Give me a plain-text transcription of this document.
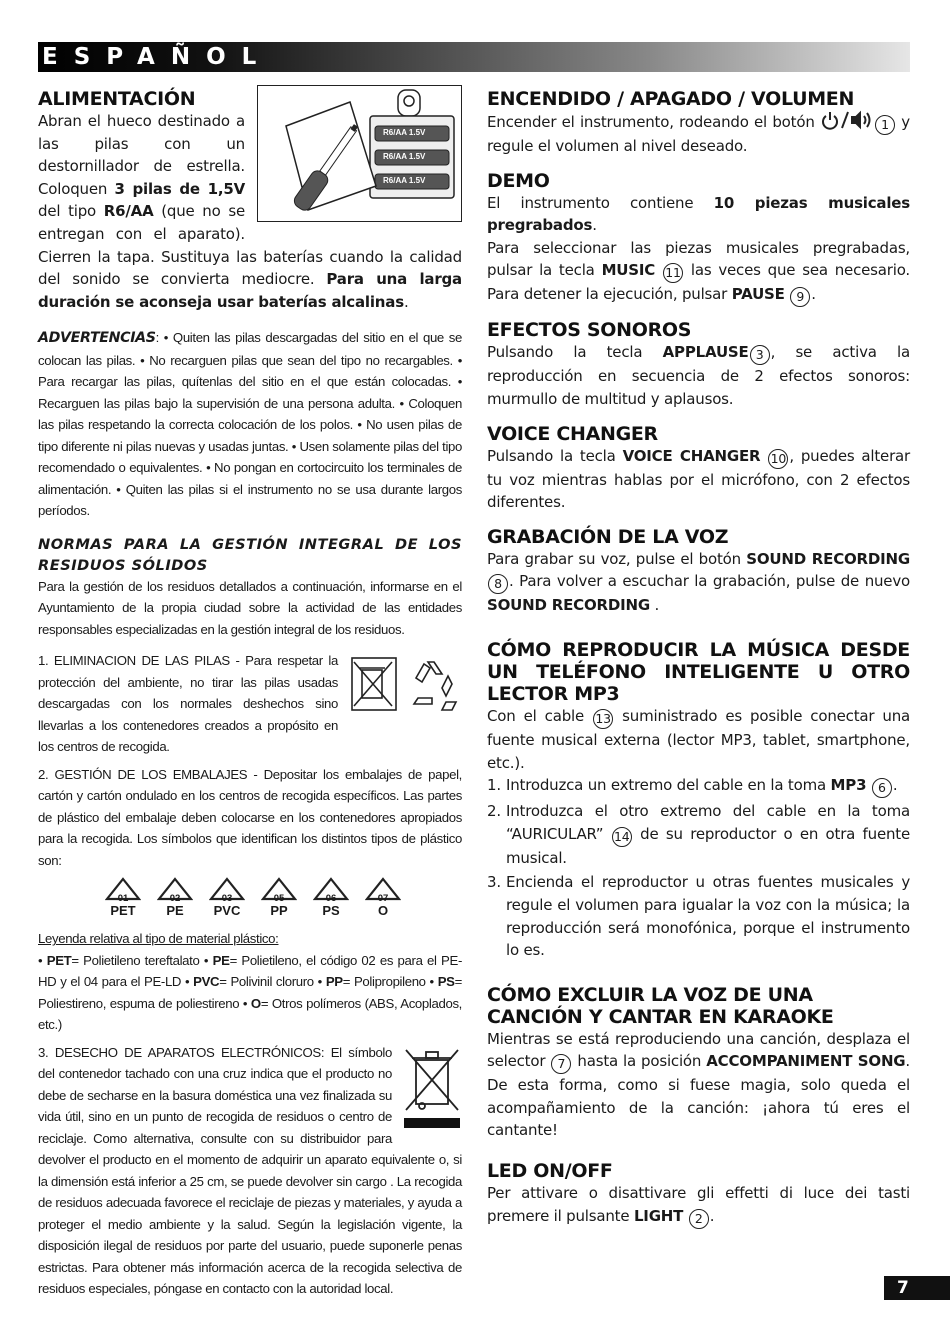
ESPAÑOL
R6/AA 1.5V
R6/AA 1.5V
R6/AA 1.5V
ALIMENTACIÓN

Abran el hueco destinado a las pilas con un destornillador de estrella. Coloquen 3 pilas de 1,5V del tipo R6/AA (que no se entregan con el aparato). Cierren la tapa. Sustituya las baterías cuando la calidad del sonido se convierta mediocre. Para una larga duración se aconseja usar baterías alcalinas.

ADVERTENCIAS: • Quiten las pilas descargadas del sitio en el que se colocan las pilas. • No recarguen pilas que sean del tipo no recargables. • Para recargar las pilas, quítenlas del sitio en el que están colocadas. • Recarguen las pilas bajo la supervisión de una persona adulta. • Coloquen las pilas respetando la correcta colocación de los polos. • No usen pilas de tipo diferente ni pilas nuevas y usadas juntas. • Usen solamente pilas del tipo recomendado o equivalentes. • No pongan en cortocircuito los terminales de alimentación. • Quiten las pilas si el instrumento no se usa durante largos períodos.

NORMAS PARA LA GESTIÓN INTEGRAL DE LOS RESIDUOS SÓLIDOS

Para la gestión de los residuos detallados a continuación, informarse en el Ayuntamiento de la propia ciudad sobre la actividad de las entidades responsables especializadas en la gestión integral de los residuos.

1. ELIMINACION DE LAS PILAS - Para respetar la protección del ambiente, no tirar las pilas usadas descargadas con los normales deshechos sino llevarlas a los contenedores creados a propósito en los centros de recogida.

2. GESTIÓN DE LOS EMBALAJES - Depositar los embalajes de papel, cartón y cartón ondulado en los centros de recogida específicos. Las partes de plástico del embalaje deben colocarse en los contenedores apropiados para la recogida. Los símbolos que identifican los distintos tipos de plástico son:

01
PET
02
PE
03
PVC
05
PP
06
PS
07
O

Leyenda relativa al tipo de material plástico:

• PET= Polietileno tereftalato • PE= Polietileno, el código 02 es para el PE-HD y el 04 para el PE-LD • PVC= Polivinil cloruro • PP= Polipropileno • PS= Poliestireno, espuma de poliestireno • O= Otros polímeros (ABS, Acoplados, etc.)

3. DESECHO DE APARATOS ELECTRÓNICOS: El símbolo del contenedor tachado con una cruz indica que el producto no debe de secharse en la basura doméstica una vez finalizada su vida útil, sino en un punto de recogida de residuos o centro de reciclaje. Como alternativa, consulte con su distribuidor para devolver el producto en el momento de adquirir un aparato equivalente o, si la dimensión está inferior a 25 cm, se puede devolver sin cargo . La recogida de residuos adecuada favorece el reciclaje de piezas y materiales, y ayuda a proteger el medio ambiente y la salud. Según la legislación vigente, la disposición ilegal de residuos por parte del usuario, puede suponerle penas estrictas. Para obtener más información acerca de la recogida selectiva de residuos especiales, póngase en contacto con la autoridad local.

ENCENDIDO / APAGADO / VOLUMEN

Encender el instrumento, rodeando el botón	1 y regule el volumen al nivel deseado.

DEMO

El instrumento contiene 10 piezas musicales pregrabados.

Para seleccionar las piezas musicales pregrabadas, pulsar la tecla MUSIC 11 las veces que sea necesario. Para detener la ejecución, pulsar PAUSE 9 .

EFECTOS SONOROS

Pulsando la tecla APPLAUSE 3 , se activa la reproducción en secuencia de 2 efectos sonoros: murmullo de multitud y aplausos.

VOICE CHANGER

Pulsando la tecla VOICE CHANGER 10 , puedes alterar tu voz mientras hablas por el micrófono, con 2 efectos diferentes.

GRABACIÓN DE LA VOZ

Para grabar su voz, pulse el botón SOUND RECORDING 8 . Para volver a escuchar la grabación, pulse de nuevo SOUND RECORDING .

CÓMO REPRODUCIR LA MÚSICA DESDE UN TELÉFONO INTELIGENTE U OTRO LECTOR MP3

Con el cable 13 suministrado es posible conectar una fuente musical externa (lector MP3, tablet, smartphone, etc.).

1. Introduzca un extremo del cable en la toma MP3 6 .
2. Introduzca el otro extremo del cable en la toma “AURICULAR” 14 de su reproductor o en otra fuente musical.
3. Encienda el reproductor u otras fuentes musicales y regule el volumen para igualar la voz con la música; la reproducción será monofónica, porque el instrumento lo es.
CÓMO EXCLUIR LA VOZ DE UNA CANCIÓN Y CANTAR EN KARAOKE

Mientras se está reproduciendo una canción, desplaza el selector 7 hasta la posición ACCOMPANIMENT SONG. De esta forma, como si fuese magia, solo queda el acompañamiento de la canción: ¡ahora tú eres el cantante!

LED ON/OFF

Per attivare o disattivare gli effetti di luce dei tasti premere il pulsante LIGHT 2 .

7
